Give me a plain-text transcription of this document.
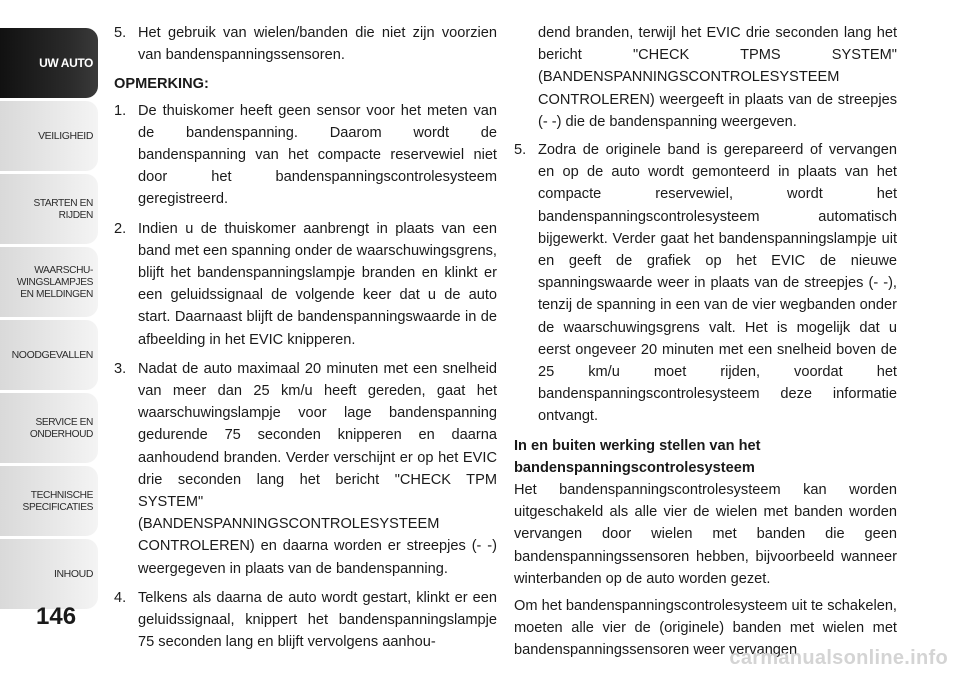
UW AUTO
VEILIGHEID
STARTEN EN RIJDEN
WAARSCHU-WINGSLAMPJES EN MELDINGEN
NOODGEVALLEN
SERVICE EN ONDERHOUD
TECHNISCHE SPECIFICATIES
INHOUD
146

5. Het gebruik van wielen/banden die niet zijn voorzien van bandenspanningssensoren.

OPMERKING:

1. De thuiskomer heeft geen sensor voor het meten van de bandenspanning. Daarom wordt de bandenspanning van het compacte reservewiel niet door het bandenspanningscontrolesysteem geregistreerd.

2. Indien u de thuiskomer aanbrengt in plaats van een band met een spanning onder de waarschuwingsgrens, blijft het bandenspanningslampje branden en klinkt er een geluidssignaal de volgende keer dat u de auto start. Daarnaast blijft de bandenspanningswaarde in de afbeelding in het EVIC knipperen.

3. Nadat de auto maximaal 20 minuten met een snelheid van meer dan 25 km/u heeft gereden, gaat het waarschuwingslampje voor lage bandenspanning gedurende 75 seconden knipperen en daarna aanhoudend branden. Verder verschijnt er op het EVIC drie seconden lang het bericht "CHECK TPM SYSTEM" (BANDENSPANNINGSCONTROLESYSTEEM CONTROLEREN) en daarna worden er streepjes (- -) weergegeven in plaats van de bandenspanning.

4. Telkens als daarna de auto wordt gestart, klinkt er een geluidssignaal, knippert het bandenspanningslampje 75 seconden lang en blijft vervolgens aanhou-

dend branden, terwijl het EVIC drie seconden lang het bericht "CHECK TPMS SYSTEM" (BANDENSPANNINGSCONTROLESYSTEEM CONTROLEREN) weergeeft in plaats van de streepjes (- -) die de bandenspanning weergeven.

5. Zodra de originele band is gerepareerd of vervangen en op de auto wordt gemonteerd in plaats van het compacte reservewiel, wordt het bandenspanningscontrolesysteem automatisch bijgewerkt. Verder gaat het bandenspanningslampje uit en geeft de grafiek op het EVIC de nieuwe spanningswaarde weer in plaats van de streepjes (- -), tenzij de spanning in een van de vier wegbanden onder de waarschuwingsgrens valt. Het is mogelijk dat u eerst ongeveer 20 minuten met een snelheid boven de 25 km/u moet rijden, voordat het bandenspanningscontrolesysteem deze informatie ontvangt.

In en buiten werking stellen van het
bandenspanningscontrolesysteem

Het bandenspanningscontrolesysteem kan worden uitgeschakeld als alle vier de wielen met banden worden vervangen door wielen met banden die geen bandenspanningssensoren hebben, bijvoorbeeld wanneer winterbanden op de auto worden gezet.

Om het bandenspanningscontrolesysteem uit te schakelen, moeten alle vier de (originele) banden met wielen met bandenspanningssensoren weer vervangen

carmanualsonline.info
